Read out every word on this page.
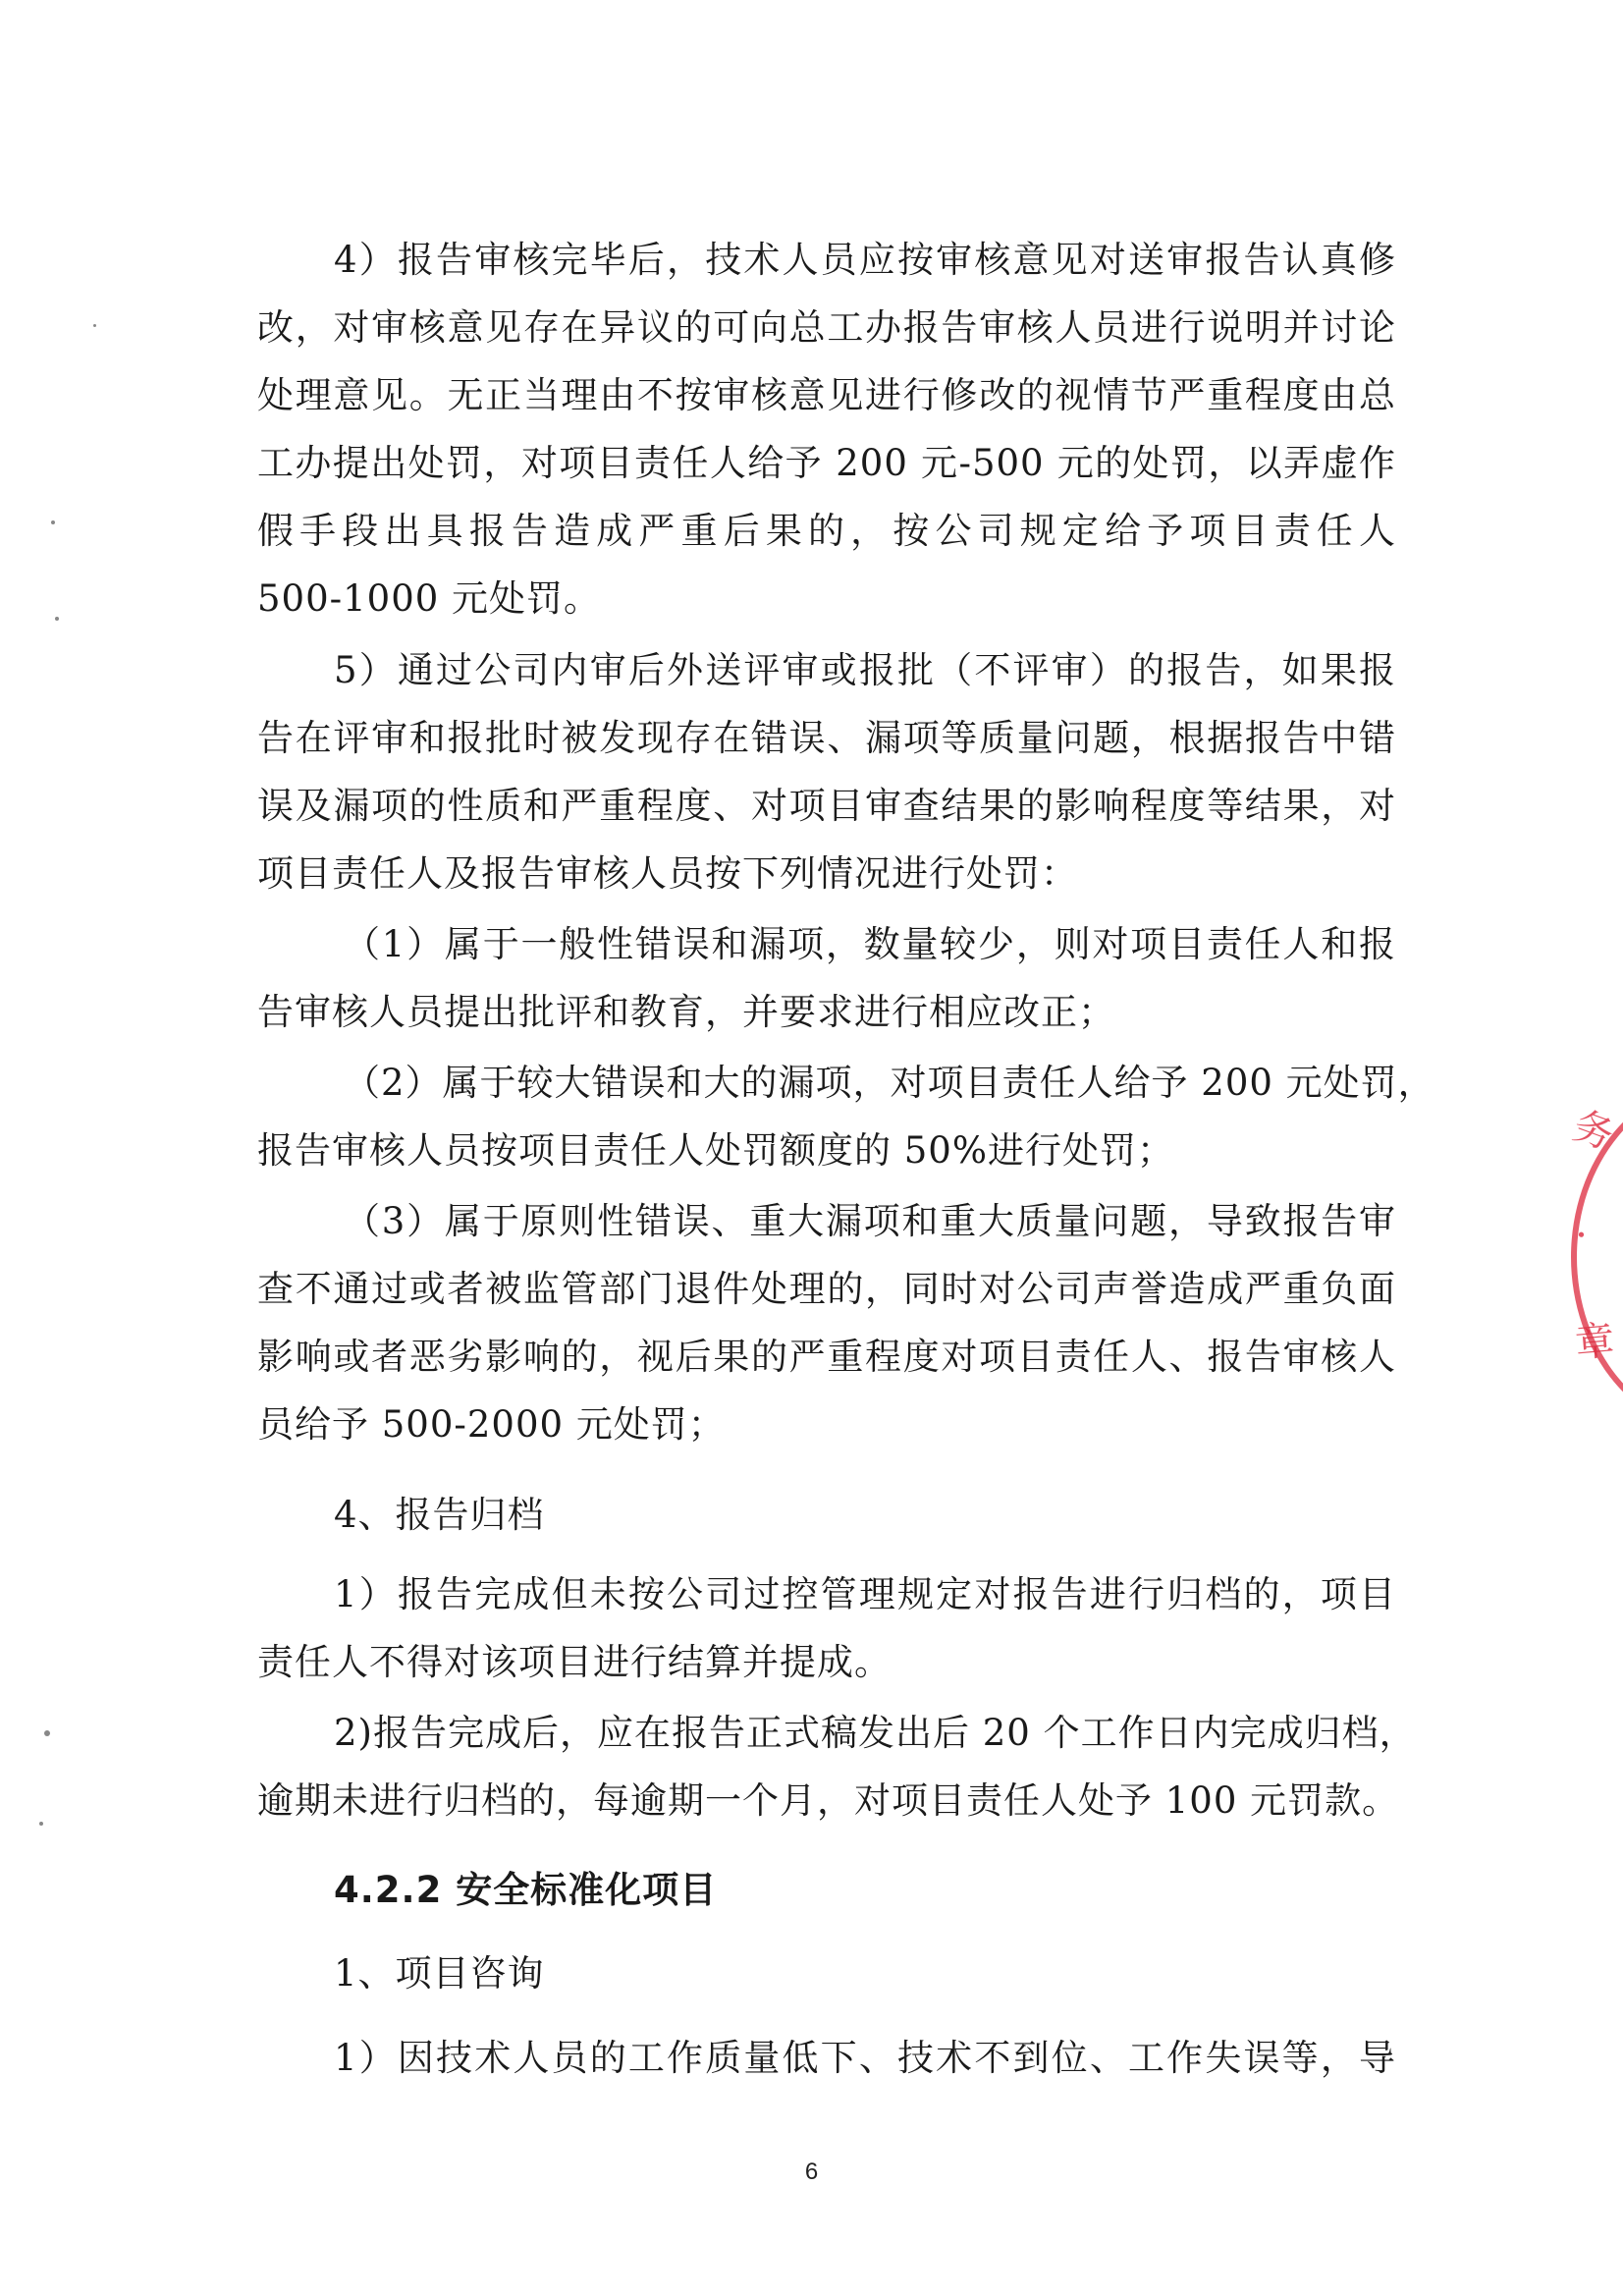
4）报告审核完毕后，技术人员应按审核意见对送审报告认真修
改，对审核意见存在异议的可向总工办报告审核人员进行说明并讨论
处理意见。无正当理由不按审核意见进行修改的视情节严重程度由总
工办提出处罚，对项目责任人给予 200 元-500 元的处罚，以弄虚作
假手段出具报告造成严重后果的，按公司规定给予项目责任人
500-1000 元处罚。
5）通过公司内审后外送评审或报批（不评审）的报告，如果报
告在评审和报批时被发现存在错误、漏项等质量问题，根据报告中错
误及漏项的性质和严重程度、对项目审查结果的影响程度等结果，对
项目责任人及报告审核人员按下列情况进行处罚：
（1）属于一般性错误和漏项，数量较少，则对项目责任人和报
告审核人员提出批评和教育，并要求进行相应改正；
（2）属于较大错误和大的漏项，对项目责任人给予 200 元处罚，
报告审核人员按项目责任人处罚额度的 50%进行处罚；
（3）属于原则性错误、重大漏项和重大质量问题，导致报告审
查不通过或者被监管部门退件处理的，同时对公司声誉造成严重负面
影响或者恶劣影响的，视后果的严重程度对项目责任人、报告审核人
员给予 500-2000 元处罚；
4、报告归档
1）报告完成但未按公司过控管理规定对报告进行归档的，项目
责任人不得对该项目进行结算并提成。
2)报告完成后，应在报告正式稿发出后 20 个工作日内完成归档，
逾期未进行归档的，每逾期一个月，对项目责任人处予 100 元罚款。
4.2.2 安全标准化项目
1、项目咨询
1）因技术人员的工作质量低下、技术不到位、工作失误等，导
6
务
·
章
